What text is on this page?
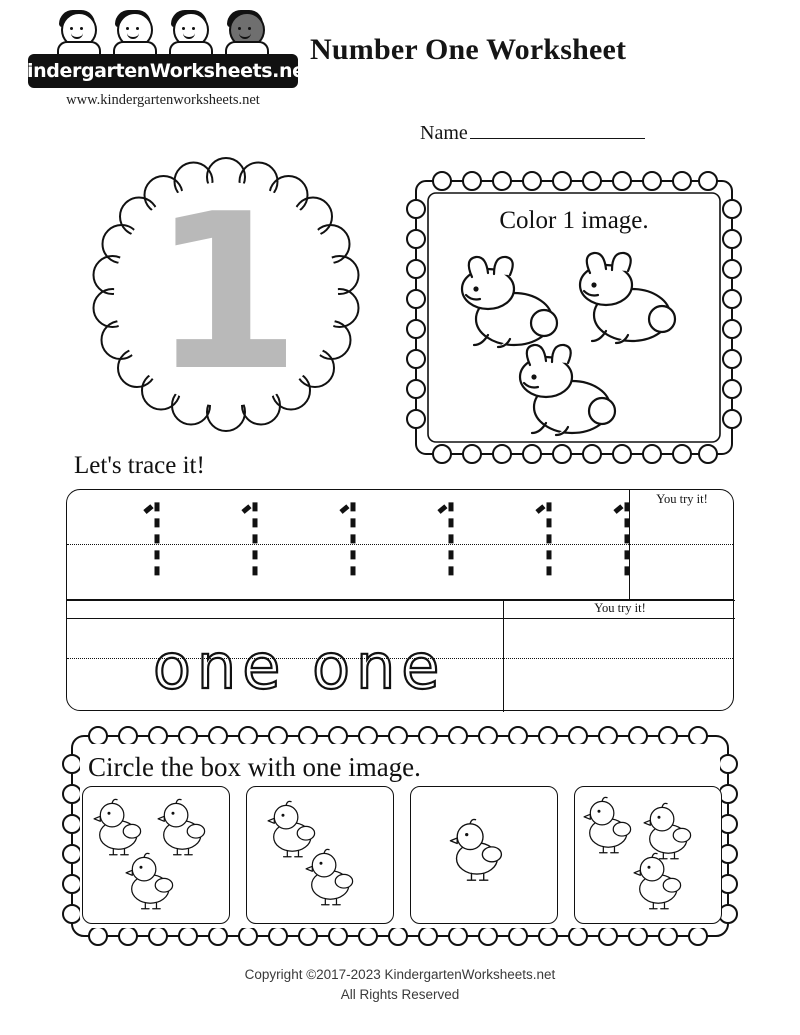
KindergartenWorksheets.net
www.kindergartenworksheets.net
Number One Worksheet
Name
1	Color 1 image.
Let's trace it!
You try it!
You try it!
one one
Circle the box with one image.
Copyright ©2017-2023 KindergartenWorksheets.net
All Rights Reserved
